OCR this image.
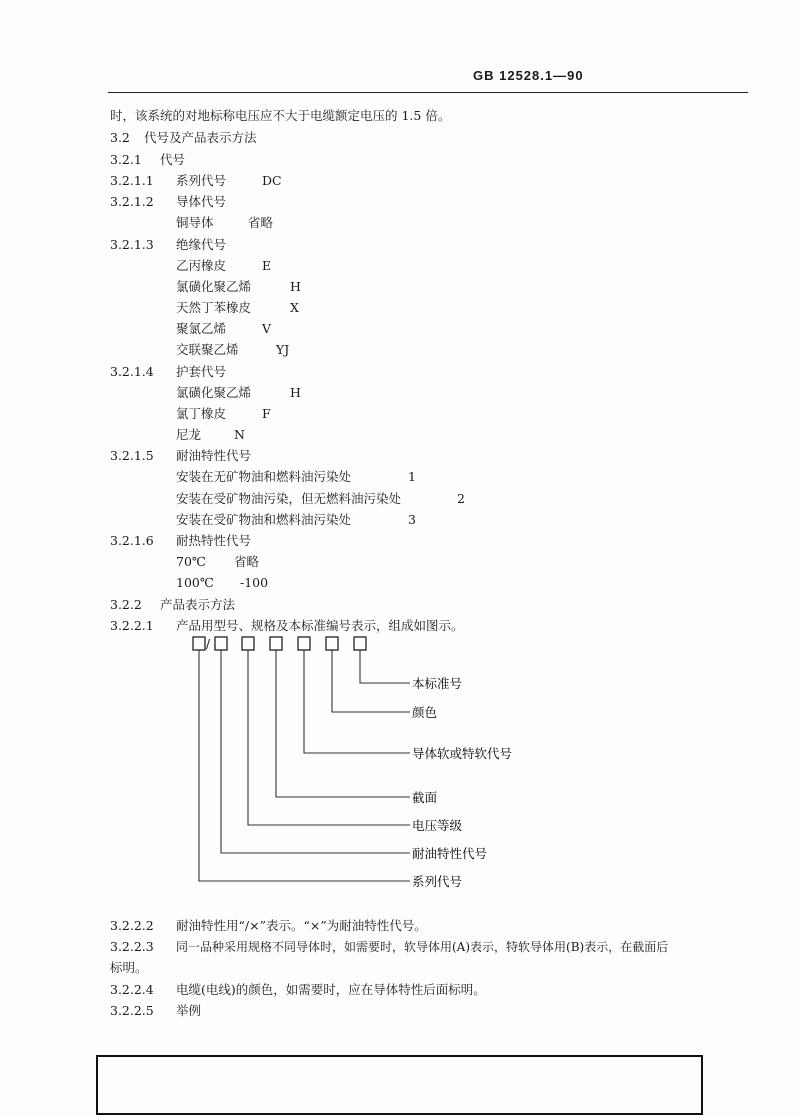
GB 12528.1—90
时，该系统的对地标称电压应不大于电缆额定电压的 1.5 倍。
3.2 代号及产品表示方法
3.2.1 代号
3.2.1.1 系列代号	DC
3.2.1.2 导体代号
铜导体	省略
3.2.1.3 绝缘代号
乙丙橡皮	E
氯磺化聚乙烯	H
天然丁苯橡皮	X
聚氯乙烯	V
交联聚乙烯	YJ
3.2.1.4 护套代号
氯磺化聚乙烯	H
氯丁橡皮	F
尼龙	N
3.2.1.5 耐油特性代号
安装在无矿物油和燃料油污染处	1
安装在受矿物油污染，但无燃料油污染处	2
安装在受矿物油和燃料油污染处	3
3.2.1.6 耐热特性代号
70℃ 省略
100℃ -100
3.2.2 产品表示方法
3.2.2.1 产品用型号、规格及本标准编号表示，组成如图示。
/
本标准号
颜色
导体软或特软代号
截面
电压等级
耐油特性代号
系列代号
3.2.2.2 耐油特性用“/×”表示。“×”为耐油特性代号。
3.2.2.3 同一品种采用规格不同导体时，如需要时，软导体用(A)表示，特软导体用(B)表示，在截面后
标明。
3.2.2.4 电缆(电线)的颜色，如需要时，应在导体特性后面标明。
3.2.2.5 举例
